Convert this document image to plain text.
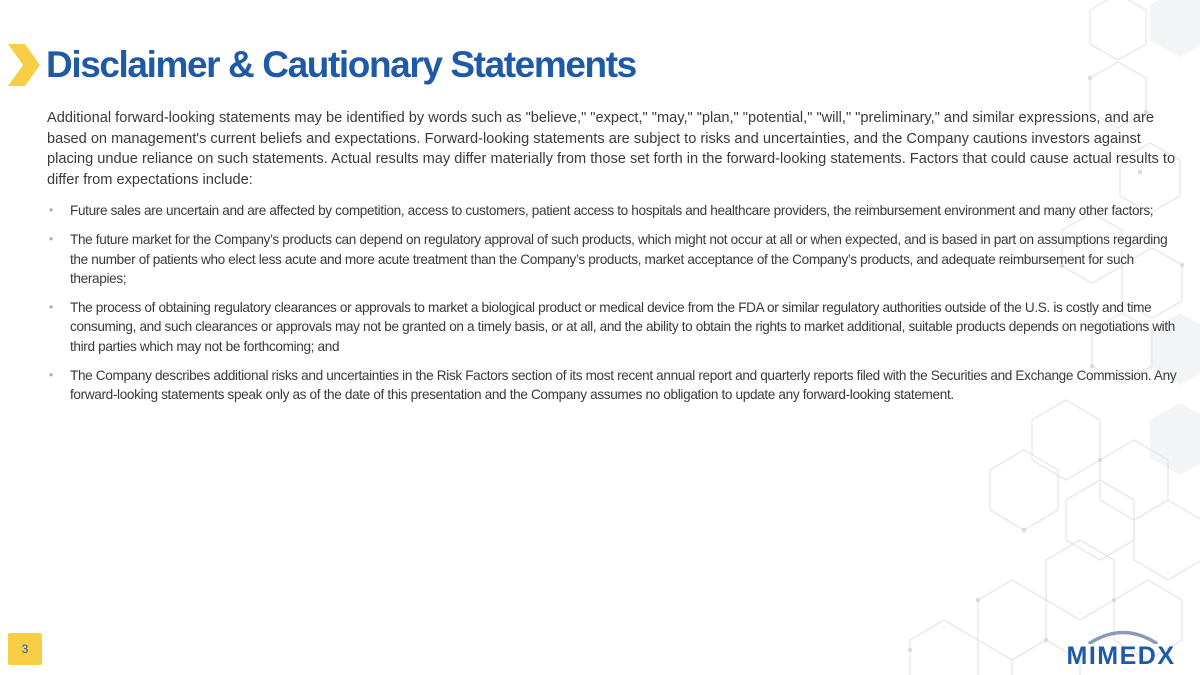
Disclaimer & Cautionary Statements

Additional forward-looking statements may be identified by words such as "believe," "expect," "may," "plan," "potential," "will," "preliminary," and similar expressions, and are based on management's current beliefs and expectations. Forward-looking statements are subject to risks and uncertainties, and the Company cautions investors against placing undue reliance on such statements. Actual results may differ materially from those set forth in the forward-looking statements. Factors that could cause actual results to differ from expectations include:

• Future sales are uncertain and are affected by competition, access to customers, patient access to hospitals and healthcare providers, the reimbursement environment and many other factors;
• The future market for the Company’s products can depend on regulatory approval of such products, which might not occur at all or when expected, and is based in part on assumptions regarding the number of patients who elect less acute and more acute treatment than the Company’s products, market acceptance of the Company’s products, and adequate reimbursement for such therapies;
• The process of obtaining regulatory clearances or approvals to market a biological product or medical device from the FDA or similar regulatory authorities outside of the U.S. is costly and time consuming, and such clearances or approvals may not be granted on a timely basis, or at all, and the ability to obtain the rights to market additional, suitable products depends on negotiations with third parties which may not be forthcoming; and
• The Company describes additional risks and uncertainties in the Risk Factors section of its most recent annual report and quarterly reports filed with the Securities and Exchange Commission. Any forward-looking statements speak only as of the date of this presentation and the Company assumes no obligation to update any forward-looking statement.
3	MIMEDX
